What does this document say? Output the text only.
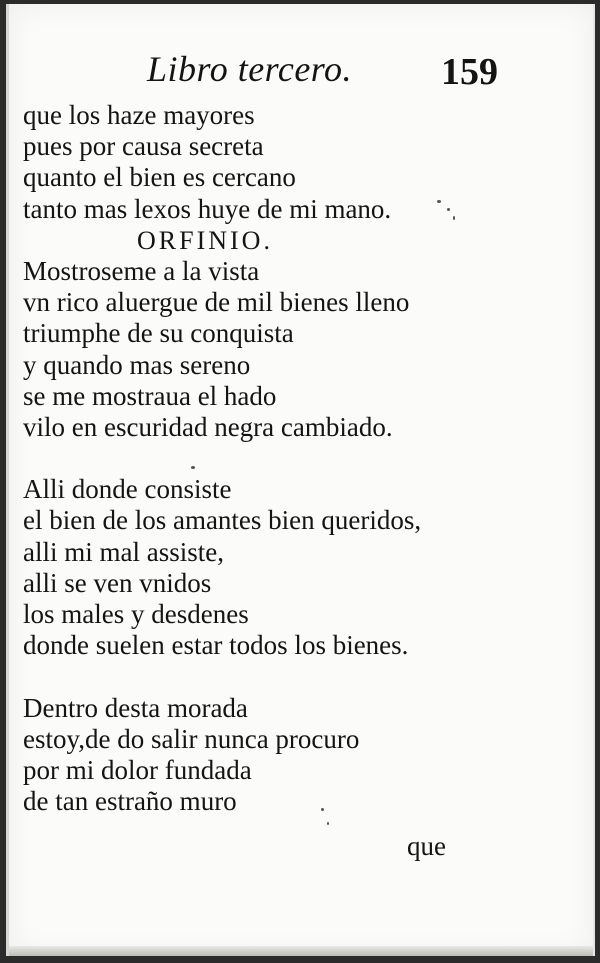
Libro tercero. 159
que los haze mayores
pues por causa secreta
quanto el bien es cercano
tanto mas lexos huye de mi mano.
ORFINIO.
Mostroseme a la vista
vn rico aluergue de mil bienes lleno
triumphe de su conquista
y quando mas sereno
se me mostraua el hado
vilo en escuridad negra cambiado.
Alli donde consiste
el bien de los amantes bien queridos,
alli mi mal assiste,
alli se ven vnidos
los males y desdenes
donde suelen estar todos los bienes.
Dentro desta morada
estoy,de do salir nunca procuro
por mi dolor fundada
de tan estraño muro
que
